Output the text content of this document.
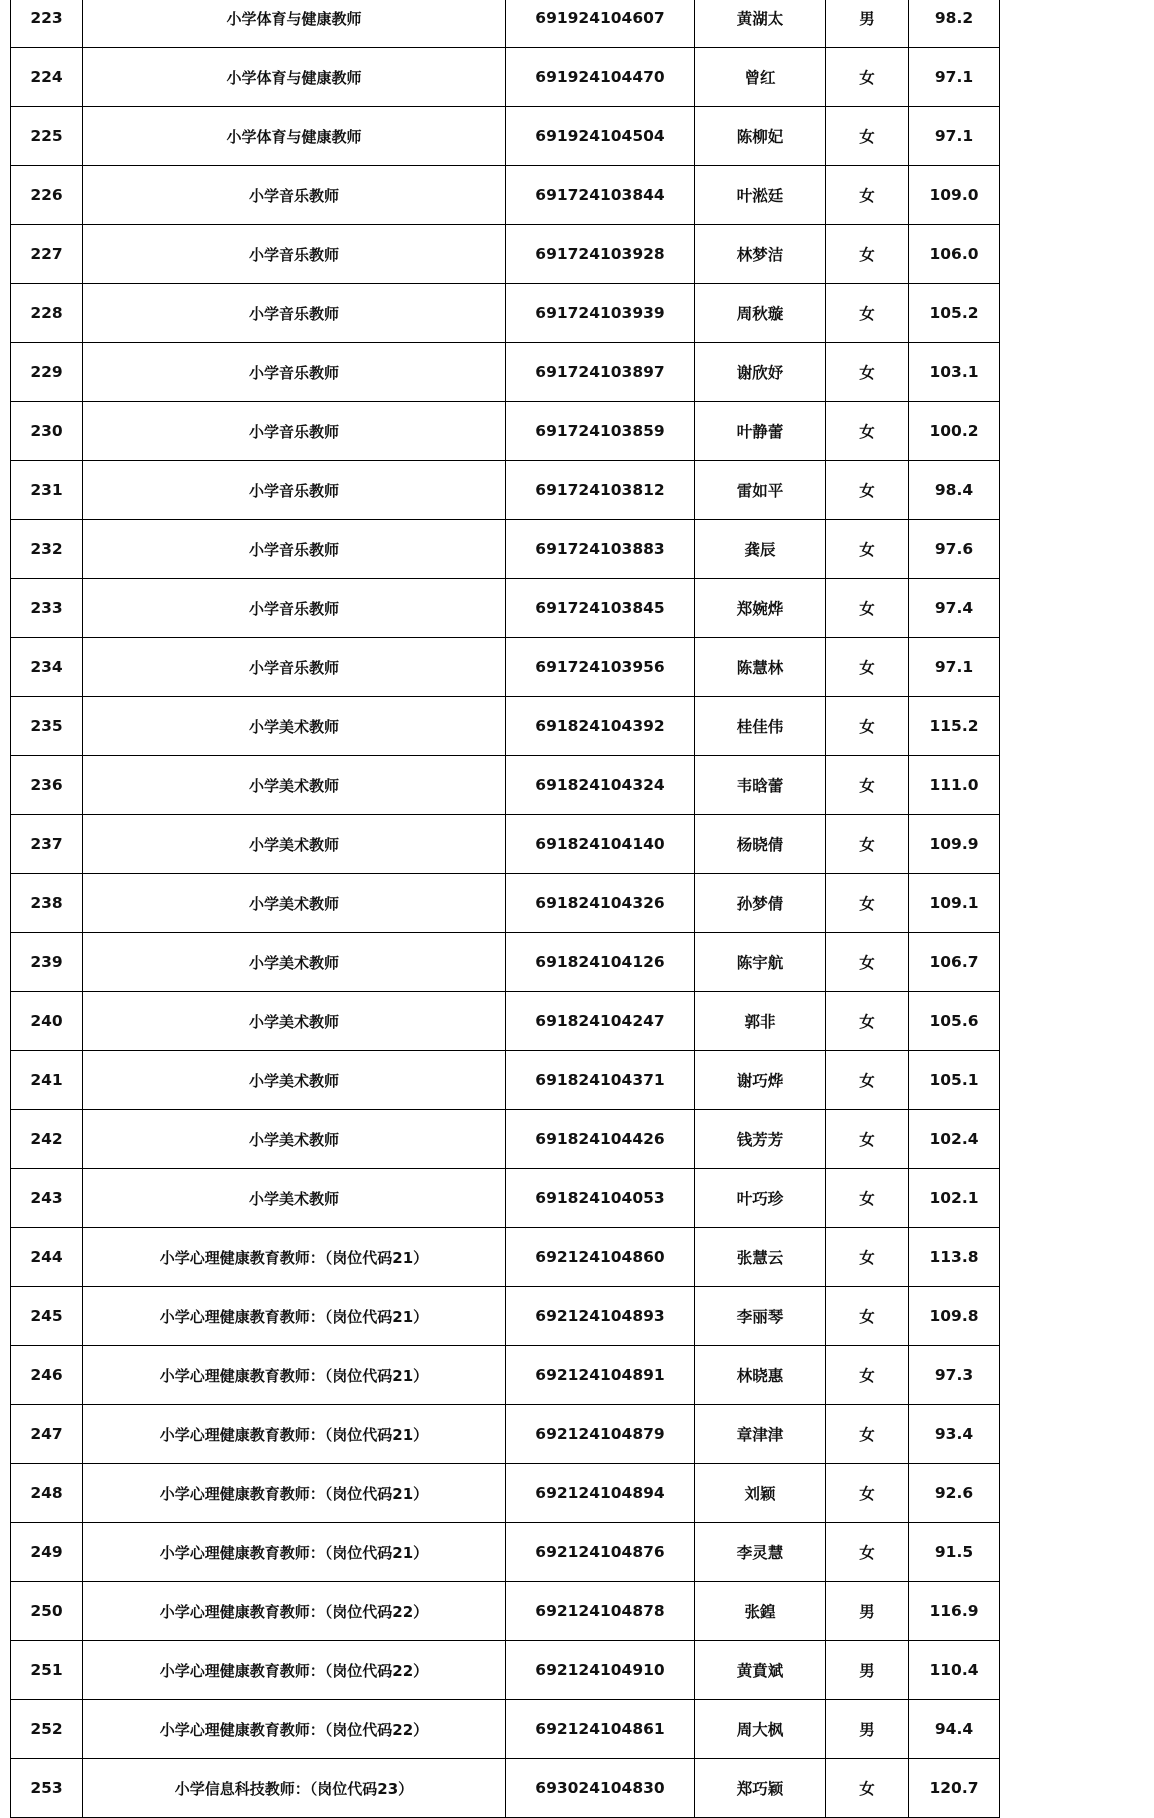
223	小学体育与健康教师	691924104607	黄湖太	男	98.2
224	小学体育与健康教师	691924104470	曾红	女	97.1
225	小学体育与健康教师	691924104504	陈柳妃	女	97.1
226	小学音乐教师	691724103844	叶淞廷	女	109.0
227	小学音乐教师	691724103928	林梦洁	女	106.0
228	小学音乐教师	691724103939	周秋璇	女	105.2
229	小学音乐教师	691724103897	谢欣妤	女	103.1
230	小学音乐教师	691724103859	叶静蕾	女	100.2
231	小学音乐教师	691724103812	雷如平	女	98.4
232	小学音乐教师	691724103883	龚辰	女	97.6
233	小学音乐教师	691724103845	郑婉烨	女	97.4
234	小学音乐教师	691724103956	陈慧林	女	97.1
235	小学美术教师	691824104392	桂佳伟	女	115.2
236	小学美术教师	691824104324	韦晗蕾	女	111.0
237	小学美术教师	691824104140	杨晓倩	女	109.9
238	小学美术教师	691824104326	孙梦倩	女	109.1
239	小学美术教师	691824104126	陈宇航	女	106.7
240	小学美术教师	691824104247	郭非	女	105.6
241	小学美术教师	691824104371	谢巧烨	女	105.1
242	小学美术教师	691824104426	钱芳芳	女	102.4
243	小学美术教师	691824104053	叶巧珍	女	102.1
244	小学心理健康教育教师：（岗位代码21）	692124104860	张慧云	女	113.8
245	小学心理健康教育教师：（岗位代码21）	692124104893	李丽琴	女	109.8
246	小学心理健康教育教师：（岗位代码21）	692124104891	林晓惠	女	97.3
247	小学心理健康教育教师：（岗位代码21）	692124104879	章津津	女	93.4
248	小学心理健康教育教师：（岗位代码21）	692124104894	刘颖	女	92.6
249	小学心理健康教育教师：（岗位代码21）	692124104876	李灵慧	女	91.5
250	小学心理健康教育教师：（岗位代码22）	692124104878	张鍠	男	116.9
251	小学心理健康教育教师：（岗位代码22）	692124104910	黄賁斌	男	110.4
252	小学心理健康教育教师：（岗位代码22）	692124104861	周大枫	男	94.4
253	小学信息科技教师：（岗位代码23）	693024104830	郑巧颖	女	120.7
